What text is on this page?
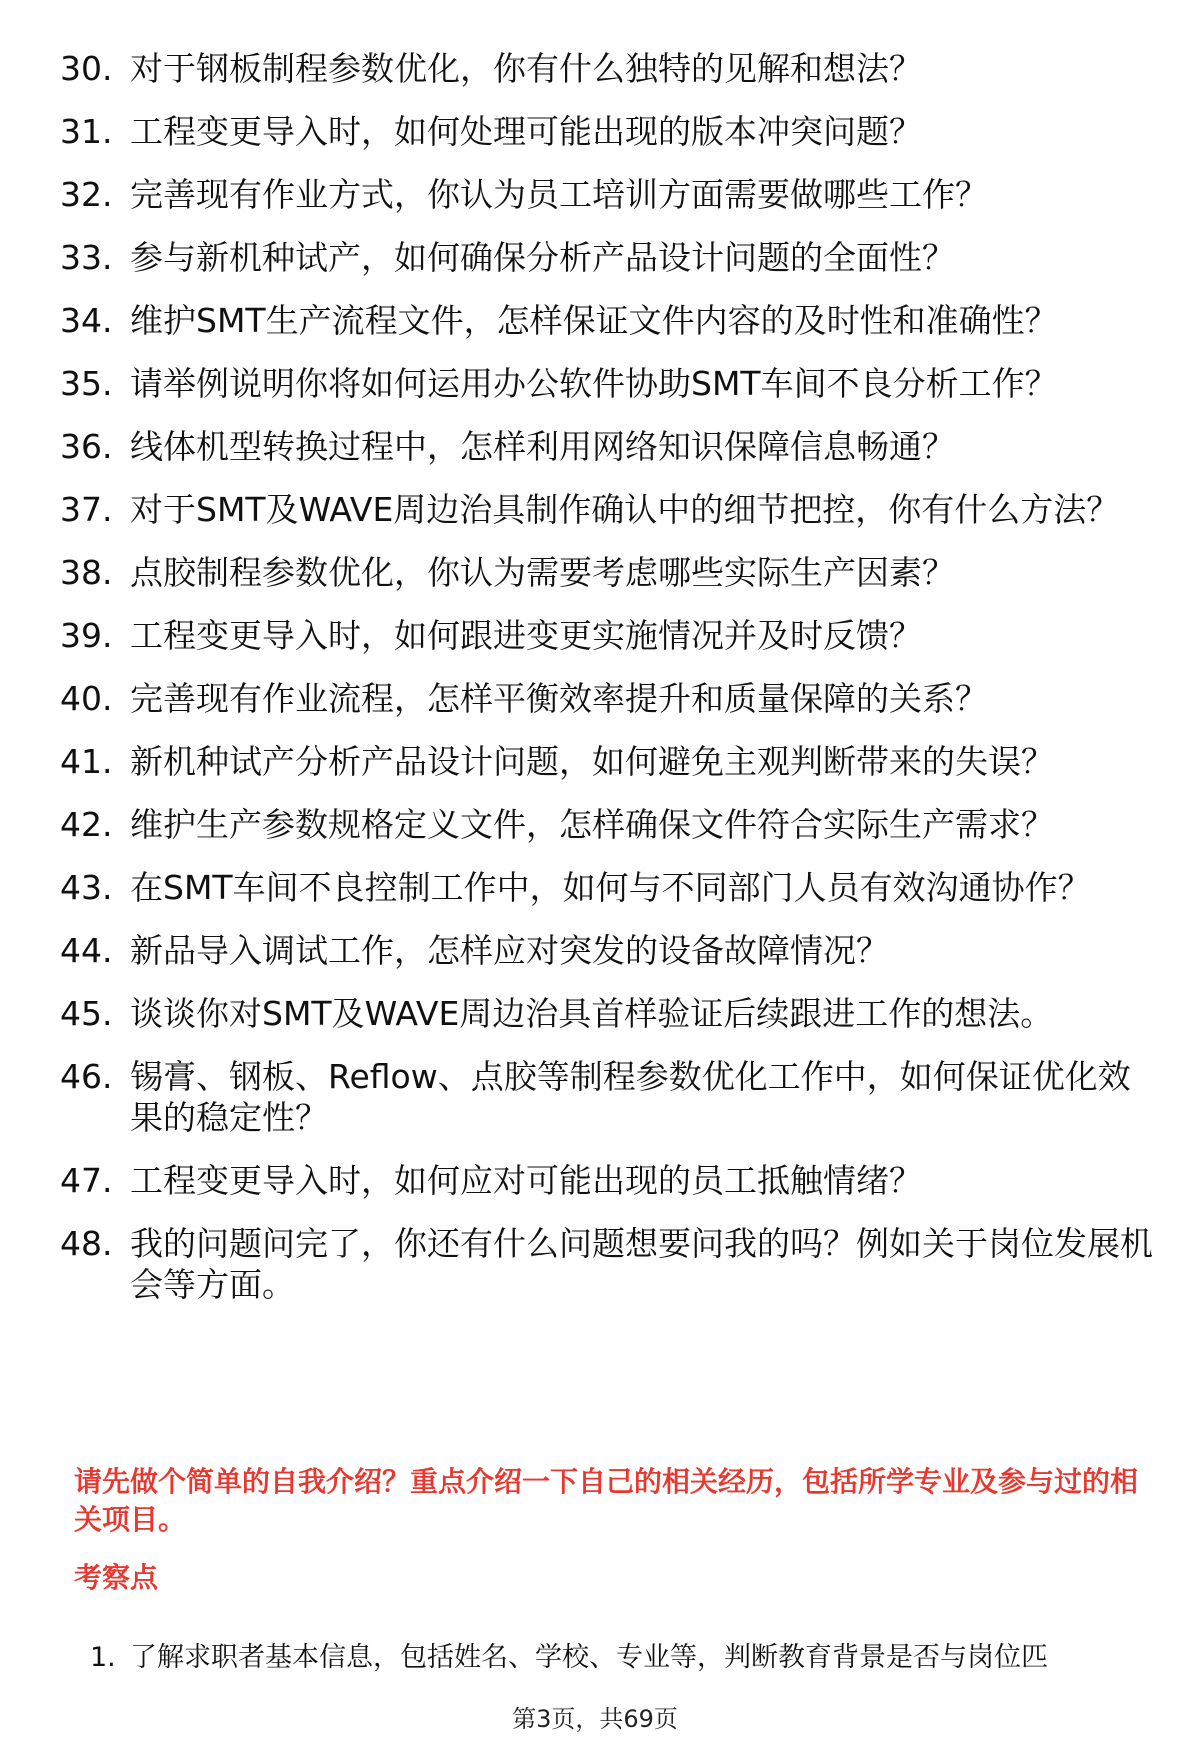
30. 对于钢板制程参数优化，你有什么独特的见解和想法？
31. 工程变更导入时，如何处理可能出现的版本冲突问题？
32. 完善现有作业方式，你认为员工培训方面需要做哪些工作？
33. 参与新机种试产，如何确保分析产品设计问题的全面性？
34. 维护SMT生产流程文件，怎样保证文件内容的及时性和准确性？
35. 请举例说明你将如何运用办公软件协助SMT车间不良分析工作？
36. 线体机型转换过程中，怎样利用网络知识保障信息畅通？
37. 对于SMT及WAVE周边治具制作确认中的细节把控，你有什么方法？
38. 点胶制程参数优化，你认为需要考虑哪些实际生产因素？
39. 工程变更导入时，如何跟进变更实施情况并及时反馈？
40. 完善现有作业流程，怎样平衡效率提升和质量保障的关系？
41. 新机种试产分析产品设计问题，如何避免主观判断带来的失误？
42. 维护生产参数规格定义文件，怎样确保文件符合实际生产需求？
43. 在SMT车间不良控制工作中，如何与不同部门人员有效沟通协作？
44. 新品导入调试工作，怎样应对突发的设备故障情况？
45. 谈谈你对SMT及WAVE周边治具首样验证后续跟进工作的想法。
46. 锡膏、钢板、Reflow、点胶等制程参数优化工作中，如何保证优化效果的稳定性？
47. 工程变更导入时，如何应对可能出现的员工抵触情绪？
48. 我的问题问完了，你还有什么问题想要问我的吗？例如关于岗位发展机会等方面。
请先做个简单的自我介绍？重点介绍一下自己的相关经历，包括所学专业及参与过的相关项目。
考察点
1. 了解求职者基本信息，包括姓名、学校、专业等，判断教育背景是否与岗位匹
第3页，共69页
